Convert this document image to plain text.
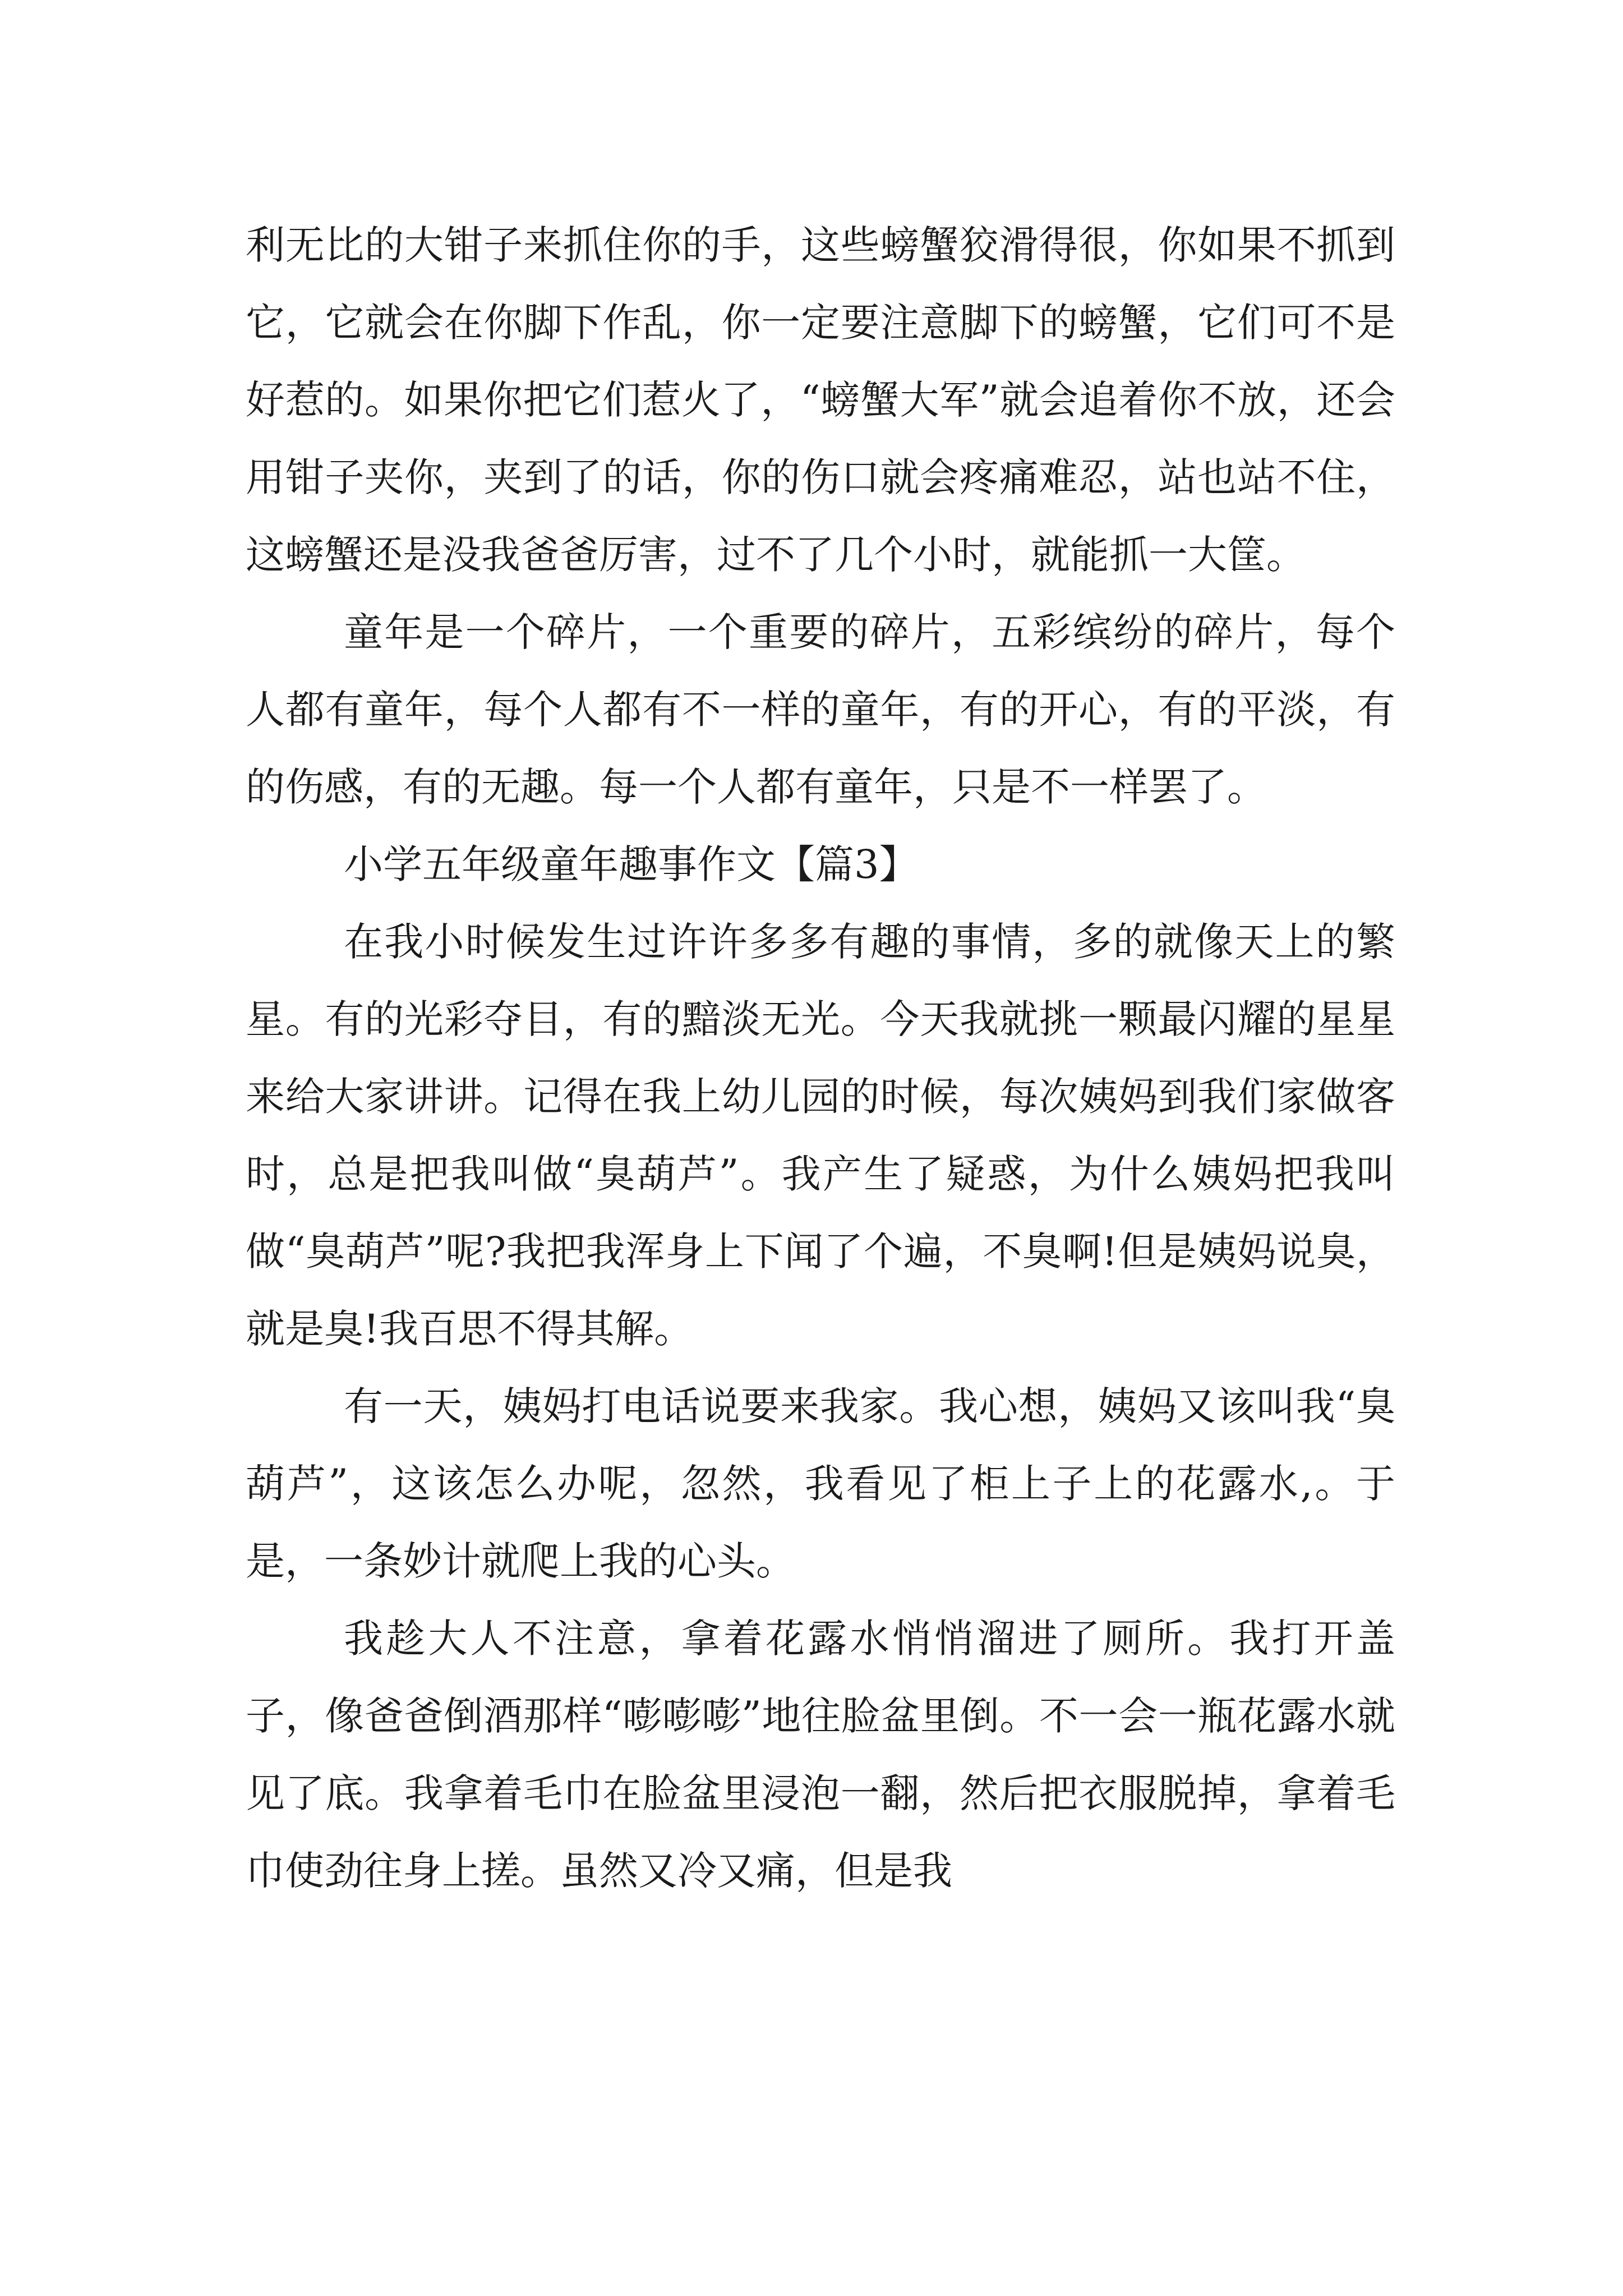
利无比的大钳子来抓住你的手，这些螃蟹狡滑得很，你如果不抓到它，它就会在你脚下作乱，你一定要注意脚下的螃蟹，它们可不是好惹的。如果你把它们惹火了，“螃蟹大军”就会追着你不放，还会用钳子夹你，夹到了的话，你的伤口就会疼痛难忍，站也站不住，这螃蟹还是没我爸爸厉害，过不了几个小时，就能抓一大筐。

童年是一个碎片，一个重要的碎片，五彩缤纷的碎片，每个人都有童年，每个人都有不一样的童年，有的开心，有的平淡，有的伤感，有的无趣。每一个人都有童年，只是不一样罢了。

小学五年级童年趣事作文【篇3】

在我小时候发生过许许多多有趣的事情，多的就像天上的繁星。有的光彩夺目，有的黯淡无光。今天我就挑一颗最闪耀的星星来给大家讲讲。记得在我上幼儿园的时候，每次姨妈到我们家做客时，总是把我叫做“臭葫芦”。我产生了疑惑，为什么姨妈把我叫做“臭葫芦”呢?我把我浑身上下闻了个遍，不臭啊!但是姨妈说臭，就是臭!我百思不得其解。

有一天，姨妈打电话说要来我家。我心想，姨妈又该叫我“臭葫芦”，这该怎么办呢，忽然，我看见了柜上子上的花露水,。于是，一条妙计就爬上我的心头。

我趁大人不注意，拿着花露水悄悄溜进了厕所。我打开盖子，像爸爸倒酒那样“嘭嘭嘭”地往脸盆里倒。不一会一瓶花露水就见了底。我拿着毛巾在脸盆里浸泡一翻，然后把衣服脱掉，拿着毛巾使劲往身上搓。虽然又冷又痛，但是我
